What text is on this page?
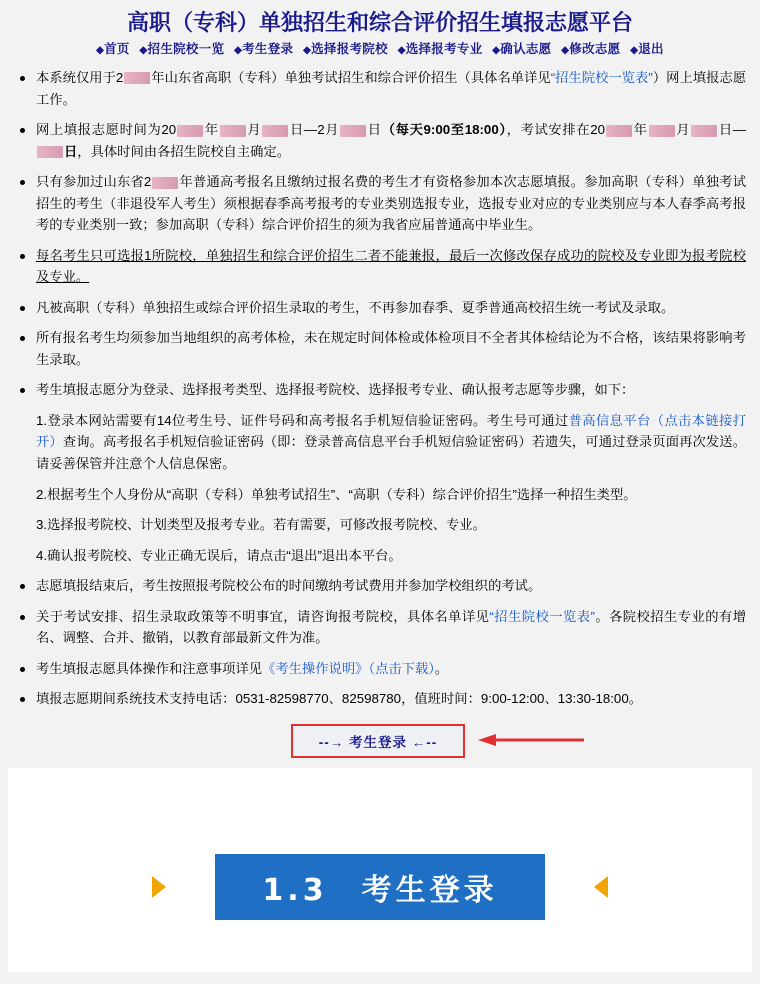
高职（专科）单独招生和综合评价招生填报志愿平台
◆首页 ◆招生院校一览 ◆考生登录 ◆选择报考院校 ◆选择报考专业 ◆确认志愿 ◆修改志愿 ◆退出
本系统仅用于2 年山东省高职（专科）单独考试招生和综合评价招生（具体名单详见“招生院校一览表”）网上填报志愿工作。
网上填报志愿时间为20 年 月 日—2月 日（每天9:00至18:00），考试安排在20 年 月 日—日，具体时间由各招生院校自主确定。
只有参加过山东省2 年普通高考报名且缴纳过报名费的考生才有资格参加本次志愿填报。参加高职（专科）单独考试招生的考生（非退役军人考生）须根据春季高考报考的专业类别选报专业，选报专业对应的专业类别应与本人春季高考报考的专业类别一致；参加高职（专科）综合评价招生的须为我省应届普通高中毕业生。
每名考生只可选报1所院校，单独招生和综合评价招生二者不能兼报，最后一次修改保存成功的院校及专业即为报考院校及专业。
凡被高职（专科）单独招生或综合评价招生录取的考生，不再参加春季、夏季普通高校招生统一考试及录取。
所有报名考生均须参加当地组织的高考体检，未在规定时间体检或体检项目不全者其体检结论为不合格，该结果将影响考生录取。
考生填报志愿分为登录、选择报考类型、选择报考院校、选择报考专业、确认报考志愿等步骤，如下：
1.登录本网站需要有14位考生号、证件号码和高考报名手机短信验证密码。考生号可通过普高信息平台（点击本链接打开）查询。高考报名手机短信验证密码（即：登录普高信息平台手机短信验证密码）若遗失，可通过登录页面再次发送。请妥善保管并注意个人信息保密。
2.根据考生个人身份从“高职（专科）单独考试招生”、“高职（专科）综合评价招生”选择一种招生类型。
3.选择报考院校、计划类型及报考专业。若有需要，可修改报考院校、专业。
4.确认报考院校、专业正确无误后，请点击“退出”退出本平台。
志愿填报结束后，考生按照报考院校公布的时间缴纳考试费用并参加学校组织的考试。
关于考试安排、招生录取政策等不明事宜，请咨询报考院校，具体名单详见“招生院校一览表”。各院校招生专业的有增名、调整、合并、撤销，以教育部最新文件为准。
考生填报志愿具体操作和注意事项详见《考生操作说明》（点击下载）。
填报志愿期间系统技术支持电话：0531-82598770、82598780，值班时间：9:00-12:00、13:30-18:00。
--→ 考生登录 ←--
1.3　考生登录
